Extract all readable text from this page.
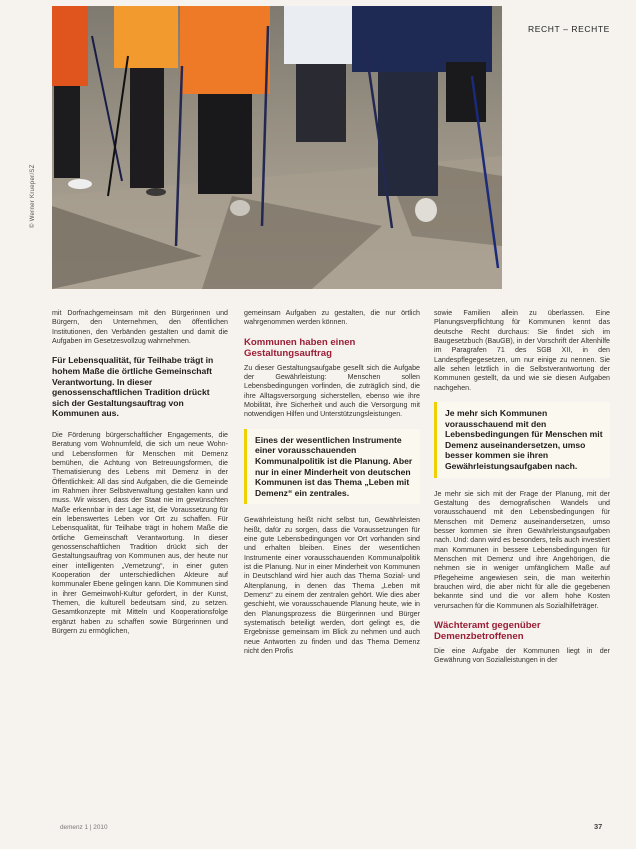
© Werner Krueper/SZ
RECHT – RECHTE

mit Dorfnachgemeinsam mit den Bürgerinnen und Bürgern, den Unternehmen, den öffentlichen Institutionen, den Verbänden gestalten und damit die Aufgaben im Gesetzesvollzug wahrnehmen.

Für Lebensqualität, für Teilhabe trägt in hohem Maße die örtliche Gemeinschaft Verantwortung. In dieser genossenschaftlichen Tradition drückt sich der Gestaltungsauftrag von Kommunen aus.

Die Förderung bürgerschaftlicher Engagements, die Beratung vom Wohnumfeld, die sich um neue Wohn- und Lebensformen für Menschen mit Demenz bemühen, die Achtung von Betreuungsformen, die Thematisierung des Lebens mit Demenz in der Öffentlichkeit: All das sind Aufgaben, die die Gemeinde im Rahmen ihrer Selbstverwaltung gestalten kann und muss. Wir wissen, dass der Staat nie im gewünschten Maße erkennbar in der Lage ist, die Voraussetzung für ein lebenswertes Leben vor Ort zu schaffen. Für Lebensqualität, für Teilhabe trägt in hohem Maße die örtliche Gemeinschaft Verantwortung. In dieser genossenschaftlichen Tradition drückt sich der Gestaltungsauftrag von Kommunen aus, der heute nur einer intelligenten „Vernetzung“, in einer guten Kooperation der unterschiedlichen Akteure auf kommunaler Ebene gelingen kann. Die Kommunen sind in ihrer Gemeinwohl-Kultur gefordert, in der Kunst, Themen, die kulturell bedeutsam sind, zu setzen. Gesamtkonzepte mit Mitteln und Kooperationsfolge ergänzt haben zu schaffen sowie Bürgerinnen und Bürgern zu ermöglichen,

gemeinsam Aufgaben zu gestalten, die nur örtlich wahrgenommen werden können.

Kommunen haben einen Gestaltungsauftrag

Zu dieser Gestaltungsaufgabe gesellt sich die Aufgabe der Gewährleistung: Menschen sollen Lebensbedingungen vorfinden, die zuträglich sind, die ihre Alltagsversorgung sicherstellen, ebenso wie ihre Mobilität, ihre Sicherheit und auch die Versorgung mit notwendigen Hilfen und Unterstützungsleistungen.

Eines der wesentlichen Instrumente einer vorausschauenden Kommunalpolitik ist die Planung. Aber nur in einer Minderheit von deutschen Kommunen ist das Thema „Leben mit Demenz“ ein zentrales.

Gewährleistung heißt nicht selbst tun, Gewährleisten heißt, dafür zu sorgen, dass die Voraussetzungen für eine gute Lebensbedingungen vor Ort vorhanden sind und erhalten bleiben. Eines der wesentlichen Instrumente einer vorausschauenden Kommunalpolitik ist die Planung. Nur in einer Minderheit von Kommunen in Deutschland wird hier auch das Thema Sozial- und Altenplanung, in denen das Thema „Leben mit Demenz“ zu einem der zentralen gehört. Wie dies aber geschieht, wie vorausschauende Planung heute, wie in den Planungsprozess die Bürgerinnen und Bürger systematisch beteiligt werden, dort gelingt es, die Ergebnisse gemeinsam im Blick zu nehmen und auch neue Antworten zu finden und das Thema Demenz nicht den Profis

sowie Familien allein zu überlassen. Eine Planungsverpflichtung für Kommunen kennt das deutsche Recht durchaus: Sie findet sich im Baugesetzbuch (BauGB), in der Vorschrift der Altenhilfe im Paragrafen 71 des SGB XII, in den Landespflegegesetzen, um nur einige zu nennen. Sie alle sehen letztlich in die Selbstverantwortung der Kommunen gestellt, da und wie sie diesen Aufgaben nachgehen.

Je mehr sich Kommunen vorausschauend mit den Lebensbedingungen für Menschen mit Demenz auseinandersetzen, umso besser kommen sie ihren Gewährleistungsaufgaben nach.

Je mehr sie sich mit der Frage der Planung, mit der Gestaltung des demografischen Wandels und vorausschauend mit den Lebensbedingungen für Menschen mit Demenz auseinandersetzen, umso besser kommen sie ihren Gewährleistungsaufgaben nach. Und: dann wird es besonders, teils auch investiert man Kommunen in bessere Lebensbedingungen für Menschen mit Demenz und ihre Angehörigen, die nehmen sie in weniger umfänglichem Maße auf Pflegeheime angewiesen sein, die man weiterhin brauchen wird, die aber nicht für alle die gegebenen bekannte sind und die vor allem hohe Kosten verursachen für die Kommunen als Sozialhilfeträger.

Wächteramt gegenüber Demenzbetroffenen

Die eine Aufgabe der Kommunen liegt in der Gewährung von Sozialleistungen in der

demenz 1 | 2010	37
